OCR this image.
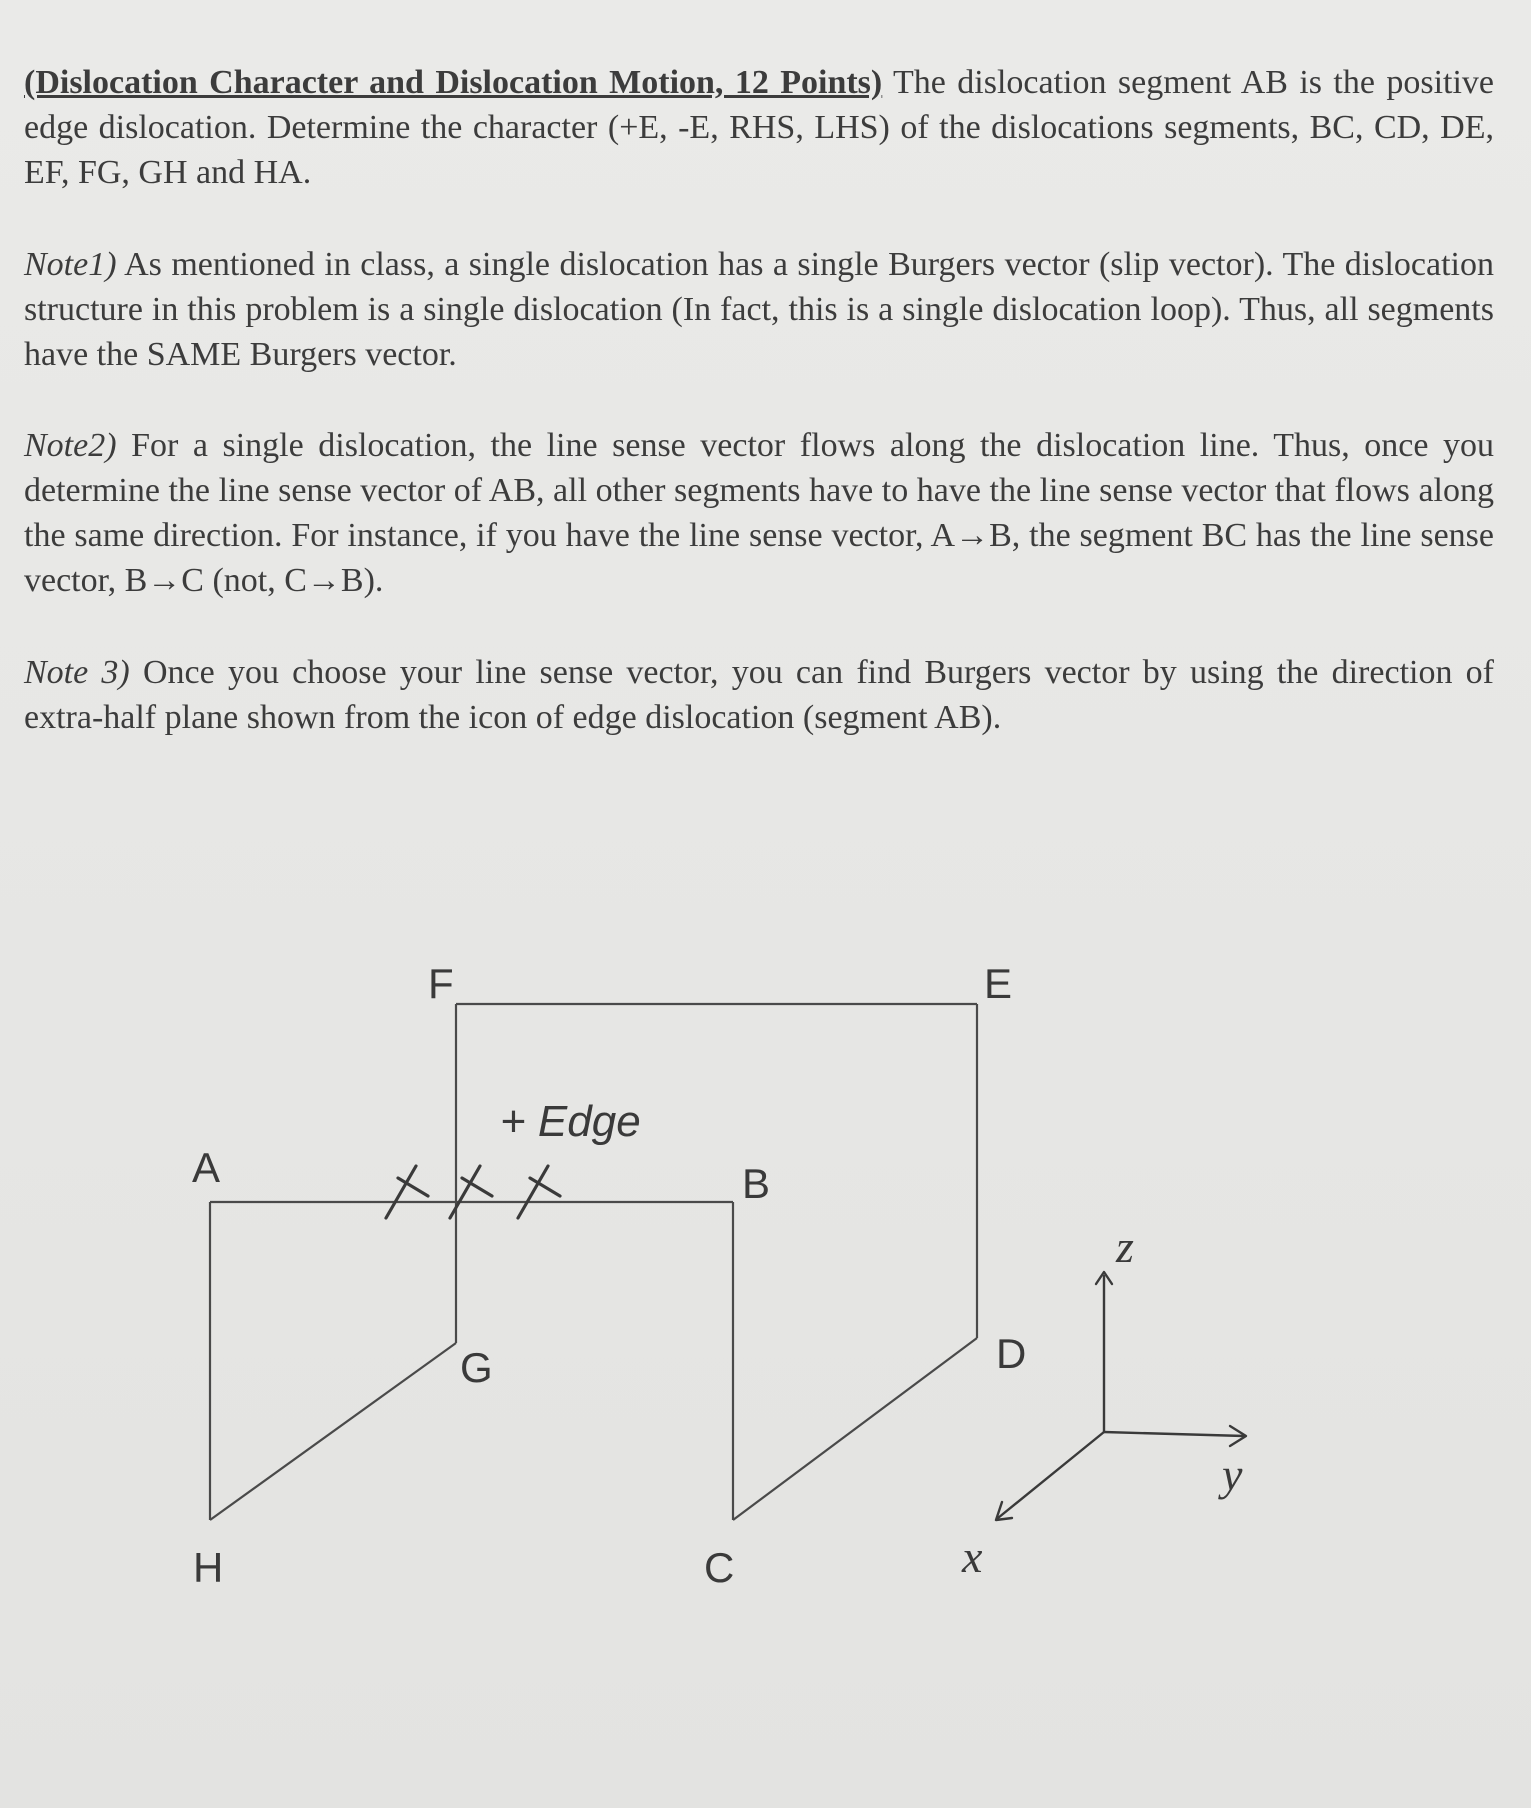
(Dislocation Character and Dislocation Motion, 12 Points) The dislocation segment AB is the positive edge dislocation. Determine the character (+E, -E, RHS, LHS) of the dislocations segments, BC, CD, DE, EF, FG, GH and HA.

Note1) As mentioned in class, a single dislocation has a single Burgers vector (slip vector). The dislocation structure in this problem is a single dislocation (In fact, this is a single dislocation loop). Thus, all segments have the SAME Burgers vector.

Note2) For a single dislocation, the line sense vector flows along the dislocation line. Thus, once you determine the line sense vector of AB, all other segments have to have the line sense vector that flows along the same direction. For instance, if you have the line sense vector, A→B, the segment BC has the line sense vector, B→C (not, C→B).

Note 3) Once you choose your line sense vector, you can find Burgers vector by using the direction of extra-half plane shown from the icon of edge dislocation (segment AB).

+ Edge
A	B
C
D
E
F
G
H
z
y
x
